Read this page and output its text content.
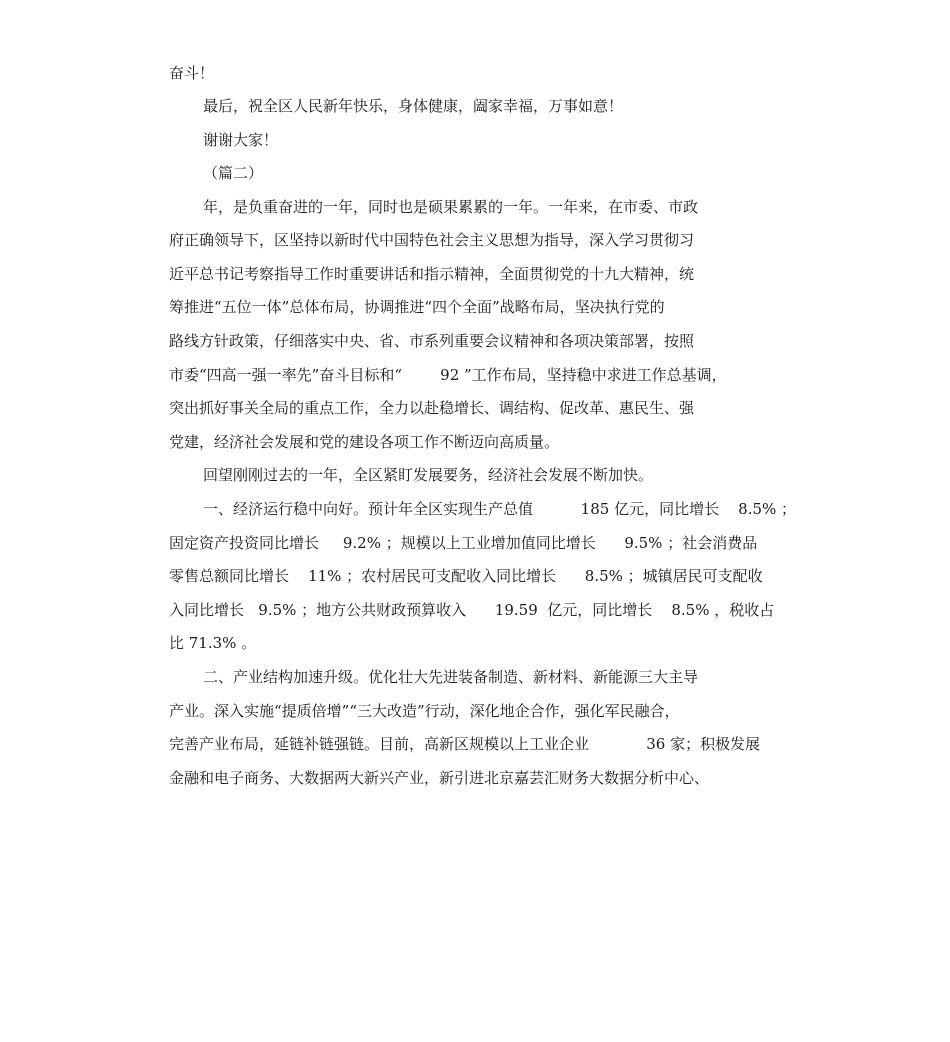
奋斗！
最后，祝全区人民新年快乐，身体健康，阖家幸福，万事如意！
谢谢大家！
（篇二）
年，是负重奋进的一年，同时也是硕果累累的一年。一年来，在市委、市政
府正确领导下，区坚持以新时代中国特色社会主义思想为指导，深入学习贯彻习
近平总书记考察指导工作时重要讲话和指示精神，全面贯彻党的十九大精神，统
筹推进“五位一体”总体布局，协调推进“四个全面”战略布局，坚决执行党的
路线方针政策，仔细落实中央、省、市系列重要会议精神和各项决策部署，按照
市委“四高一强一率先”奋斗目标和“        92 ”工作布局，坚持稳中求进工作总基调，
突出抓好事关全局的重点工作，全力以赴稳增长、调结构、促改革、惠民生、强
党建，经济社会发展和党的建设各项工作不断迈向高质量。
回望刚刚过去的一年，全区紧盯发展要务，经济社会发展不断加快。
一、经济运行稳中向好。预计年全区实现生产总值          185 亿元，同比增长    8.5% ；
固定资产投资同比增长     9.2% ；规模以上工业增加值同比增长      9.5% ；社会消费品
零售总额同比增长    11% ；农村居民可支配收入同比增长      8.5% ；城镇居民可支配收
入同比增长   9.5% ；地方公共财政预算收入      19.59  亿元，同比增长    8.5% ，税收占
比 71.3% 。
二、产业结构加速升级。优化壮大先进装备制造、新材料、新能源三大主导
产业。深入实施“提质倍增”“三大改造”行动，深化地企合作，强化军民融合，
完善产业布局，延链补链强链。目前，高新区规模以上工业企业            36 家；积极发展
金融和电子商务、大数据两大新兴产业，新引进北京嘉芸汇财务大数据分析中心、
